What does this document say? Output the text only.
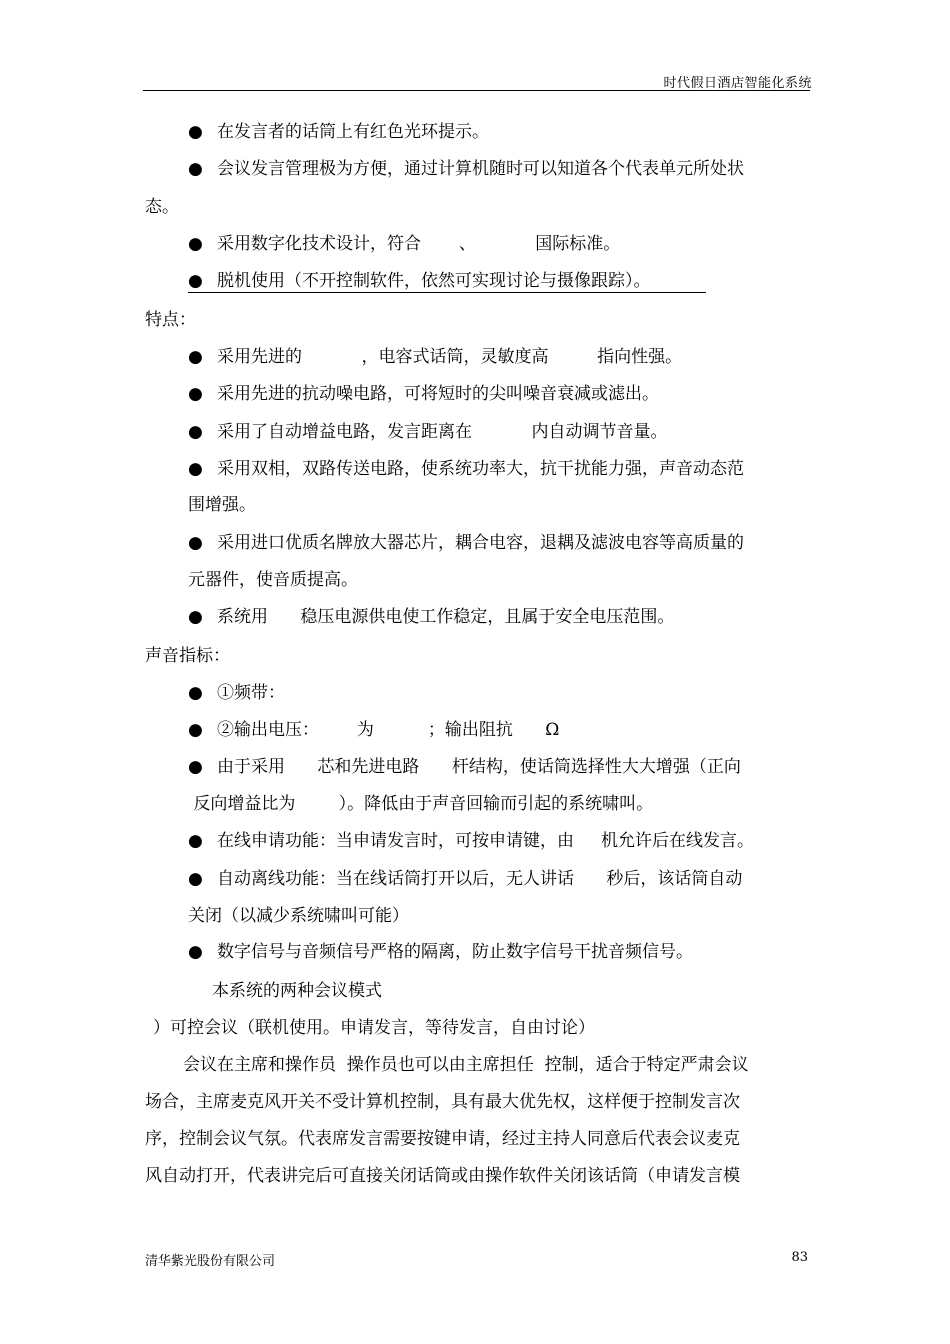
时代假日酒店智能化系统
● 在发言者的话筒上有红色光环提示。
● 会议发言管理极为方便，通过计算机随时可以知道各个代表单元所处状
态。
● 采用数字化技术设计，符合       、           国际标准。
● 脱机使用（不开控制软件，依然可实现讨论与摄像跟踪）。
特点：
● 采用先进的           ，电容式话筒，灵敏度高         指向性强。
● 采用先进的抗动噪电路，可将短时的尖叫噪音衰减或滤出。
● 采用了自动增益电路，发言距离在           内自动调节音量。
● 采用双相，双路传送电路，使系统功率大，抗干扰能力强，声音动态范
围增强。
● 采用进口优质名牌放大器芯片，耦合电容，退耦及滤波电容等高质量的
元器件，使音质提高。
● 系统用      稳压电源供电使工作稳定，且属于安全电压范围。
声音指标：
● ①频带：
● ②输出电压：       为          ；输出阻抗      Ω
● 由于采用      芯和先进电路      杆结构，使话筒选择性大大增强（正向
反向增益比为        ）。降低由于声音回输而引起的系统啸叫。
● 在线申请功能：当申请发言时，可按申请键，由     机允许后在线发言。
● 自动离线功能：当在线话筒打开以后，无人讲话      秒后，该话筒自动
关闭（以减少系统啸叫可能）
● 数字信号与音频信号严格的隔离，防止数字信号干扰音频信号。
本系统的两种会议模式
）可控会议（联机使用。申请发言，等待发言，自由讨论）
会议在主席和操作员  操作员也可以由主席担任  控制，适合于特定严肃会议
场合，主席麦克风开关不受计算机控制，具有最大优先权，这样便于控制发言次
序，控制会议气氛。代表席发言需要按键申请，经过主持人同意后代表会议麦克
风自动打开，代表讲完后可直接关闭话筒或由操作软件关闭该话筒（申请发言模
清华紫光股份有限公司	83
